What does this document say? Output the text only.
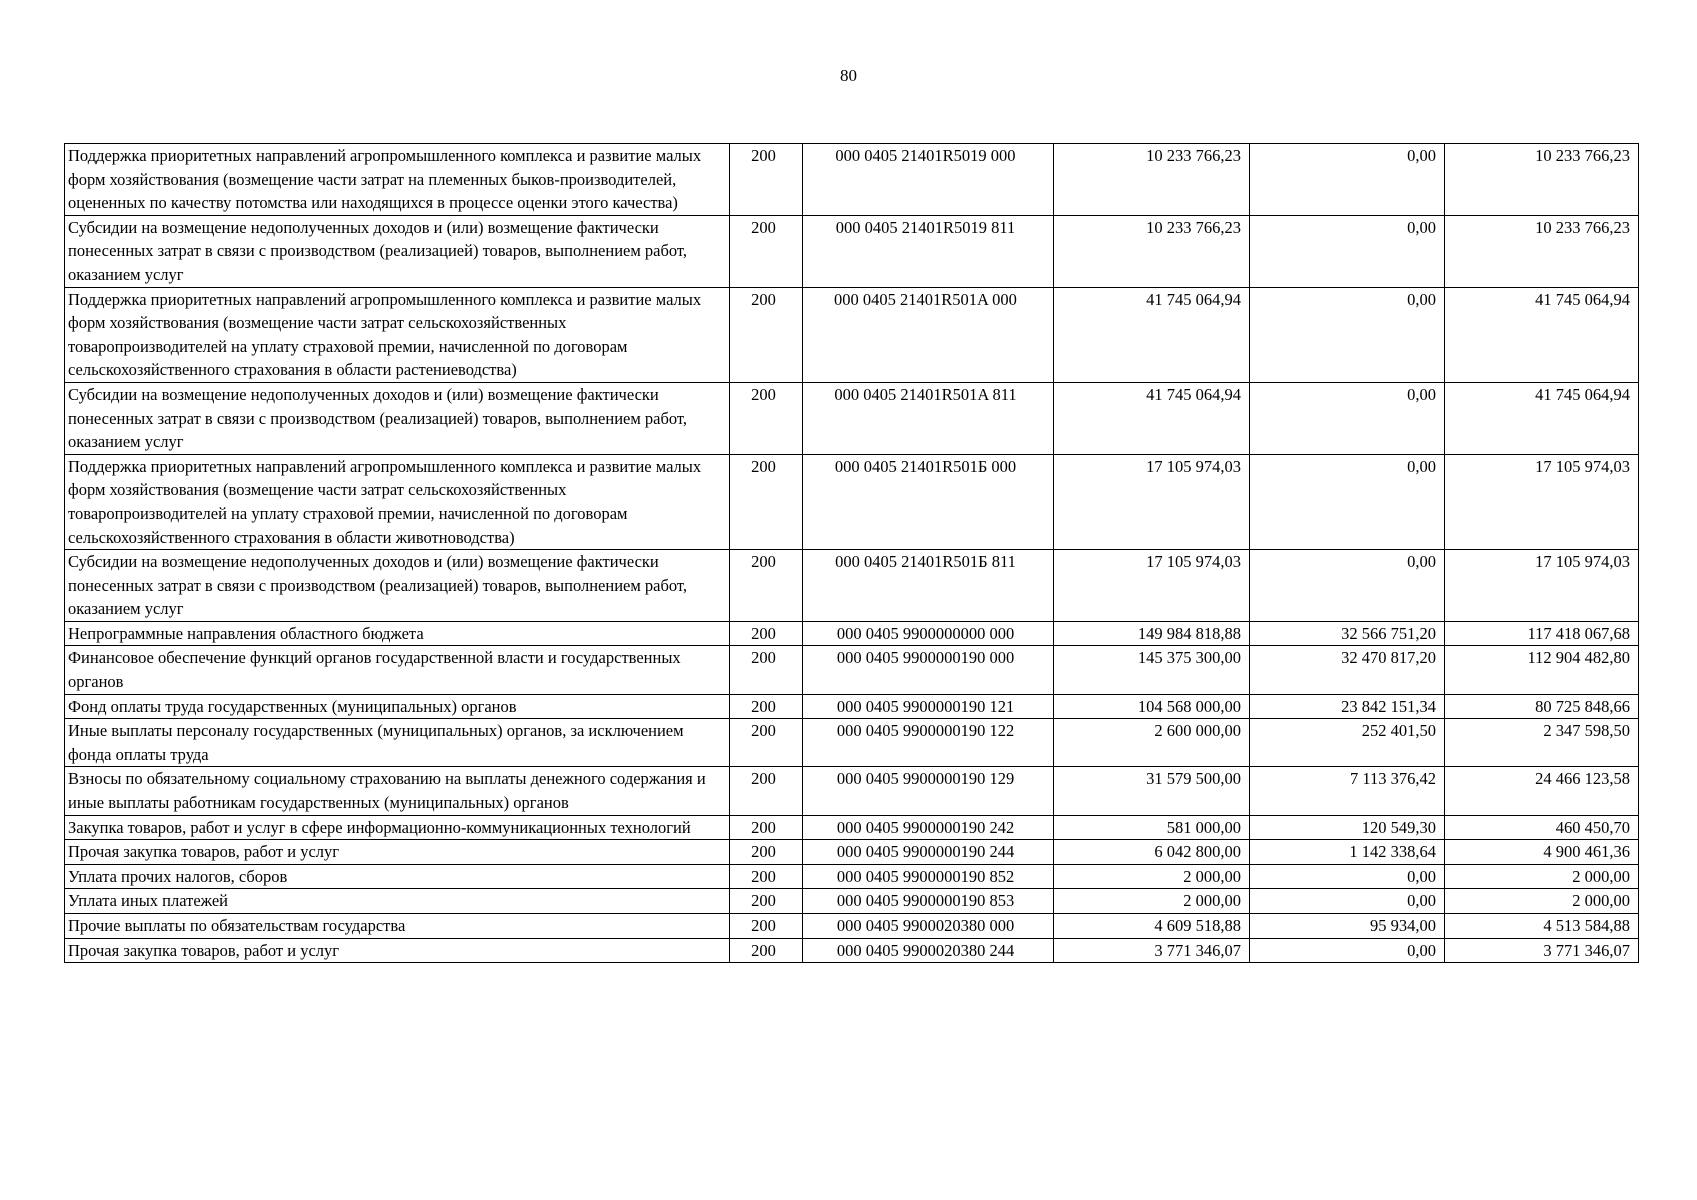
80
Поддержка приоритетных направлений агропромышленного комплекса и развитие малых форм хозяйствования (возмещение части затрат на племенных быков-производителей, оцененных по качеству потомства или находящихся в процессе оценки этого качества)	200	000 0405 21401R5019 000	10 233 766,23	0,00	10 233 766,23
Субсидии на возмещение недополученных доходов и (или) возмещение фактически понесенных затрат в связи с производством (реализацией) товаров, выполнением работ, оказанием услуг	200	000 0405 21401R5019 811	10 233 766,23	0,00	10 233 766,23
Поддержка приоритетных направлений агропромышленного комплекса и развитие малых форм хозяйствования (возмещение части затрат сельскохозяйственных товаропроизводителей на уплату страховой премии, начисленной по договорам сельскохозяйственного страхования в области растениеводства)	200	000 0405 21401R501A 000	41 745 064,94	0,00	41 745 064,94
Субсидии на возмещение недополученных доходов и (или) возмещение фактически понесенных затрат в связи с производством (реализацией) товаров, выполнением работ, оказанием услуг	200	000 0405 21401R501A 811	41 745 064,94	0,00	41 745 064,94
Поддержка приоритетных направлений агропромышленного комплекса и развитие малых форм хозяйствования (возмещение части затрат сельскохозяйственных товаропроизводителей на уплату страховой премии, начисленной по договорам сельскохозяйственного страхования в области животноводства)	200	000 0405 21401R501Б 000	17 105 974,03	0,00	17 105 974,03
Субсидии на возмещение недополученных доходов и (или) возмещение фактически понесенных затрат в связи с производством (реализацией) товаров, выполнением работ, оказанием услуг	200	000 0405 21401R501Б 811	17 105 974,03	0,00	17 105 974,03
Непрограммные направления областного бюджета	200	000 0405 9900000000 000	149 984 818,88	32 566 751,20	117 418 067,68
Финансовое обеспечение функций органов государственной власти и государственных органов	200	000 0405 9900000190 000	145 375 300,00	32 470 817,20	112 904 482,80
Фонд оплаты труда государственных (муниципальных) органов	200	000 0405 9900000190 121	104 568 000,00	23 842 151,34	80 725 848,66
Иные выплаты персоналу государственных (муниципальных) органов, за исключением фонда оплаты труда	200	000 0405 9900000190 122	2 600 000,00	252 401,50	2 347 598,50
Взносы по обязательному социальному страхованию на выплаты денежного содержания и иные выплаты работникам государственных (муниципальных) органов	200	000 0405 9900000190 129	31 579 500,00	7 113 376,42	24 466 123,58
Закупка товаров, работ и услуг в сфере информационно-коммуникационных технологий	200	000 0405 9900000190 242	581 000,00	120 549,30	460 450,70
Прочая закупка товаров, работ и услуг	200	000 0405 9900000190 244	6 042 800,00	1 142 338,64	4 900 461,36
Уплата прочих налогов, сборов	200	000 0405 9900000190 852	2 000,00	0,00	2 000,00
Уплата иных платежей	200	000 0405 9900000190 853	2 000,00	0,00	2 000,00
Прочие выплаты по обязательствам государства	200	000 0405 9900020380 000	4 609 518,88	95 934,00	4 513 584,88
Прочая закупка товаров, работ и услуг	200	000 0405 9900020380 244	3 771 346,07	0,00	3 771 346,07
